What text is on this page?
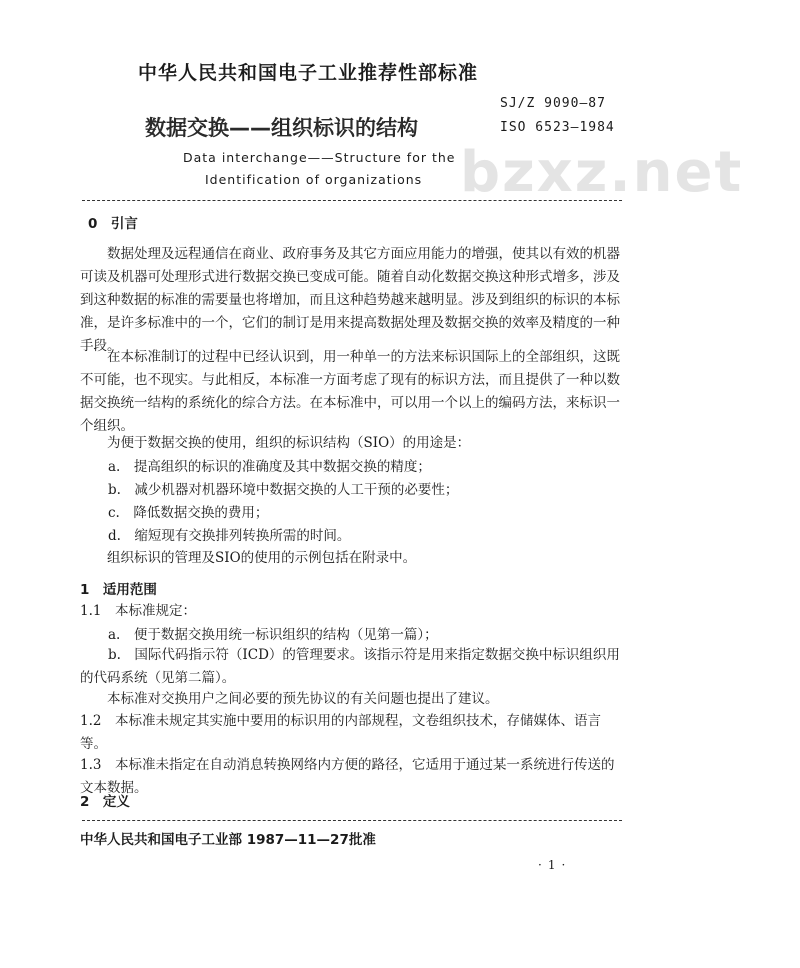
bzxz.net
中华人民共和国电子工业推荐性部标准
数据交换——组织标识的结构
SJ/Z 9090—87
ISO 6523—1984
Data interchange——Structure for the
Identification of organizations
0　引言
数据处理及远程通信在商业、政府事务及其它方面应用能力的增强，使其以有效的机器可读及机器可处理形式进行数据交换已变成可能。随着自动化数据交换这种形式增多，涉及到这种数据的标准的需要量也将增加，而且这种趋势越来越明显。涉及到组织的标识的本标准，是许多标准中的一个，它们的制订是用来提高数据处理及数据交换的效率及精度的一种手段。
在本标准制订的过程中已经认识到，用一种单一的方法来标识国际上的全部组织，这既不可能，也不现实。与此相反，本标准一方面考虑了现有的标识方法，而且提供了一种以数据交换统一结构的系统化的综合方法。在本标准中，可以用一个以上的编码方法，来标识一个组织。
为便于数据交换的使用，组织的标识结构（SIO）的用途是：
a.　提高组织的标识的准确度及其中数据交换的精度；
b.　减少机器对机器环境中数据交换的人工干预的必要性；
c.　降低数据交换的费用；
d.　缩短现有交换排列转换所需的时间。
组织标识的管理及SIO的使用的示例包括在附录中。
1　适用范围
1.1　本标准规定：
a.　便于数据交换用统一标识组织的结构（见第一篇）；
b.　国际代码指示符（ICD）的管理要求。该指示符是用来指定数据交换中标识组织用的代码系统（见第二篇）。
本标准对交换用户之间必要的预先协议的有关问题也提出了建议。
1.2　本标准未规定其实施中要用的标识用的内部规程，文卷组织技术，存储媒体、语言等。
1.3　本标准未指定在自动消息转换网络内方便的路径，它适用于通过某一系统进行传送的文本数据。
2　定义
中华人民共和国电子工业部 1987—11—27批准
·1·
